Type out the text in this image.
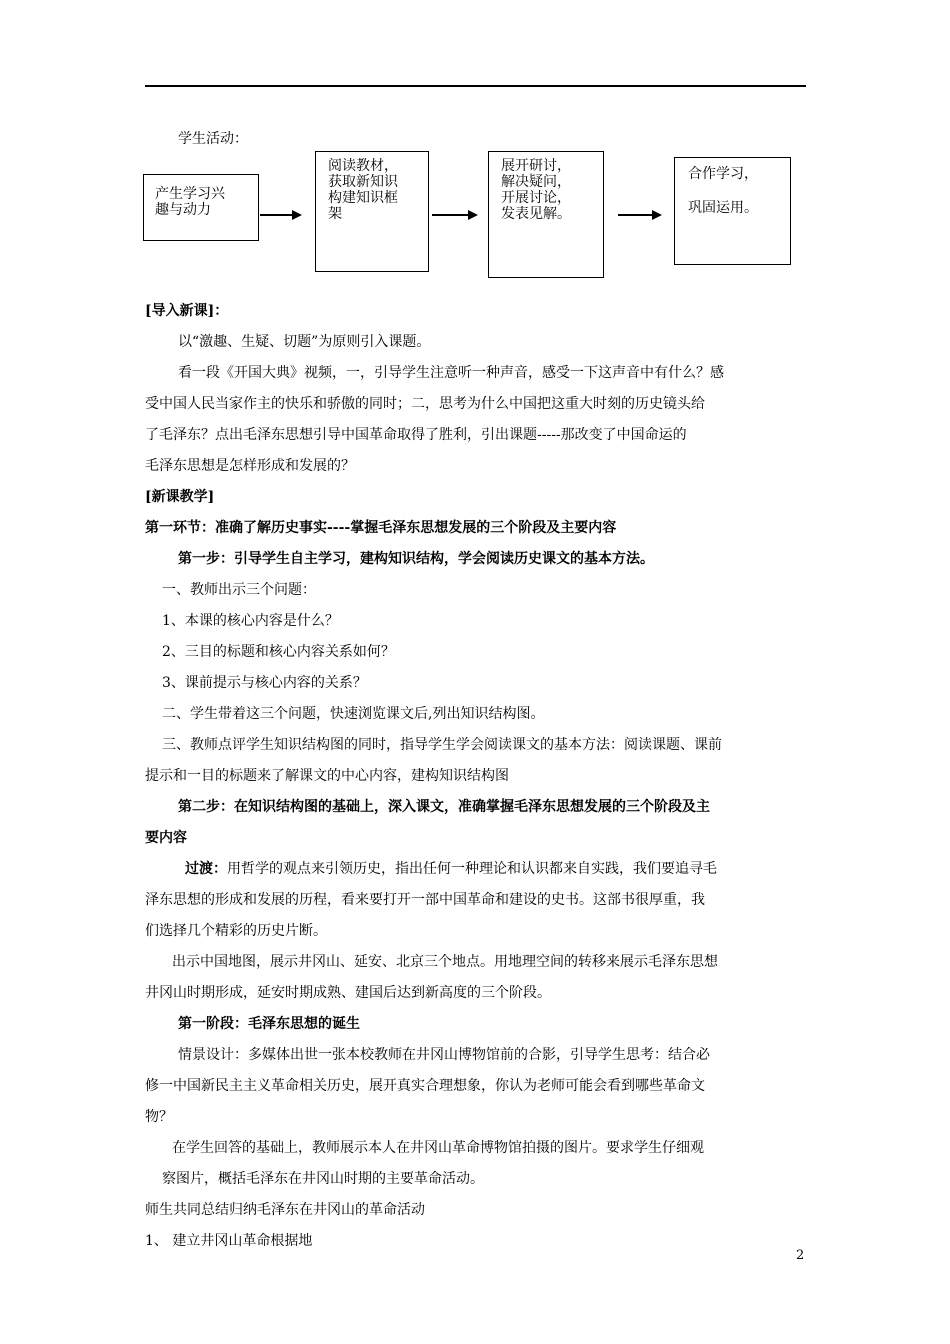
学生活动：
产生学习兴
趣与动力
阅读教材，
获取新知识
构建知识框
架
展开研讨，
解决疑问，
开展讨论，
发表见解。
合作学习，
巩固运用。
[导入新课]：
以“激趣、生疑、切题”为原则引入课题。
看一段《开国大典》视频，一，引导学生注意听一种声音，感受一下这声音中有什么？感
受中国人民当家作主的快乐和骄傲的同时；二，思考为什么中国把这重大时刻的历史镜头给
了毛泽东？点出毛泽东思想引导中国革命取得了胜利，引出课题-----那改变了中国命运的
毛泽东思想是怎样形成和发展的？
[新课教学]
第一环节：准确了解历史事实----掌握毛泽东思想发展的三个阶段及主要内容
第一步：引导学生自主学习，建构知识结构，学会阅读历史课文的基本方法。
一、教师出示三个问题：
1、本课的核心内容是什么？
2、三目的标题和核心内容关系如何？
3、课前提示与核心内容的关系？
二、学生带着这三个问题，快速浏览课文后,列出知识结构图。
三、教师点评学生知识结构图的同时，指导学生学会阅读课文的基本方法：阅读课题、课前
提示和一目的标题来了解课文的中心内容，建构知识结构图
第二步：在知识结构图的基础上，深入课文，准确掌握毛泽东思想发展的三个阶段及主
要内容
过渡：用哲学的观点来引领历史，指出任何一种理论和认识都来自实践，我们要追寻毛
泽东思想的形成和发展的历程，看来要打开一部中国革命和建设的史书。这部书很厚重，我
们选择几个精彩的历史片断。
出示中国地图，展示井冈山、延安、北京三个地点。用地理空间的转移来展示毛泽东思想
井冈山时期形成，延安时期成熟、建国后达到新高度的三个阶段。
第一阶段：毛泽东思想的诞生
情景设计：多媒体出世一张本校教师在井冈山博物馆前的合影，引导学生思考：结合必
修一中国新民主主义革命相关历史，展开真实合理想象，你认为老师可能会看到哪些革命文
物？
在学生回答的基础上，教师展示本人在井冈山革命博物馆拍摄的图片。要求学生仔细观
察图片，概括毛泽东在井冈山时期的主要革命活动。
师生共同总结归纳毛泽东在井冈山的革命活动
1、 建立井冈山革命根据地
2
